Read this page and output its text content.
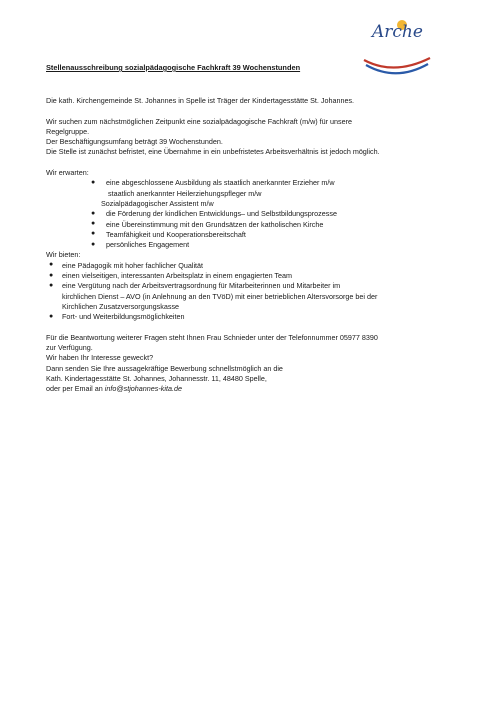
Arche
Stellenausschreibung sozialpädagogische Fachkraft 39 Wochenstunden

Die kath. Kirchengemeinde St. Johannes in Spelle ist Träger der Kindertagesstätte St. Johannes.

Wir suchen zum nächstmöglichen Zeitpunkt eine sozialpädagogische Fachkraft (m/w) für unsere

Regelgruppe.

Der Beschäftigungsumfang beträgt 39 Wochenstunden.

Die Stelle ist zunächst befristet, eine Übernahme in ein unbefristetes Arbeitsverhältnis ist jedoch möglich.

Wir erwarten:

● eine abgeschlossene Ausbildung als staatlich anerkannter Erzieher m/w
staatlich anerkannter Heilerziehungspfleger m/w
Sozialpädagogischer Assistent m/w
● die Förderung der kindlichen Entwicklungs– und Selbstbildungsprozesse
● eine Übereinstimmung mit den Grundsätzen der katholischen Kirche
● Teamfähigkeit und Kooperationsbereitschaft
● persönliches Engagement

Wir bieten:

● eine Pädagogik mit hoher fachlicher Qualität
● einen vielseitigen, interessanten Arbeitsplatz in einem engagierten Team
● eine Vergütung nach der Arbeitsvertragsordnung für Mitarbeiterinnen und Mitarbeiter im
kirchlichen Dienst – AVO (in Anlehnung an den TVöD) mit einer betrieblichen Altersvorsorge bei der
Kirchlichen Zusatzversorgungskasse
● Fort- und Weiterbildungsmöglichkeiten

Für die Beantwortung weiterer Fragen steht Ihnen Frau Schnieder unter der Telefonnummer 05977 8390

zur Verfügung.

Wir haben Ihr Interesse geweckt?

Dann senden Sie Ihre aussagekräftige Bewerbung schnellstmöglich an die

Kath. Kindertagesstätte St. Johannes, Johannesstr. 11, 48480 Spelle,

oder per Email an info@stjohannes-kita.de
